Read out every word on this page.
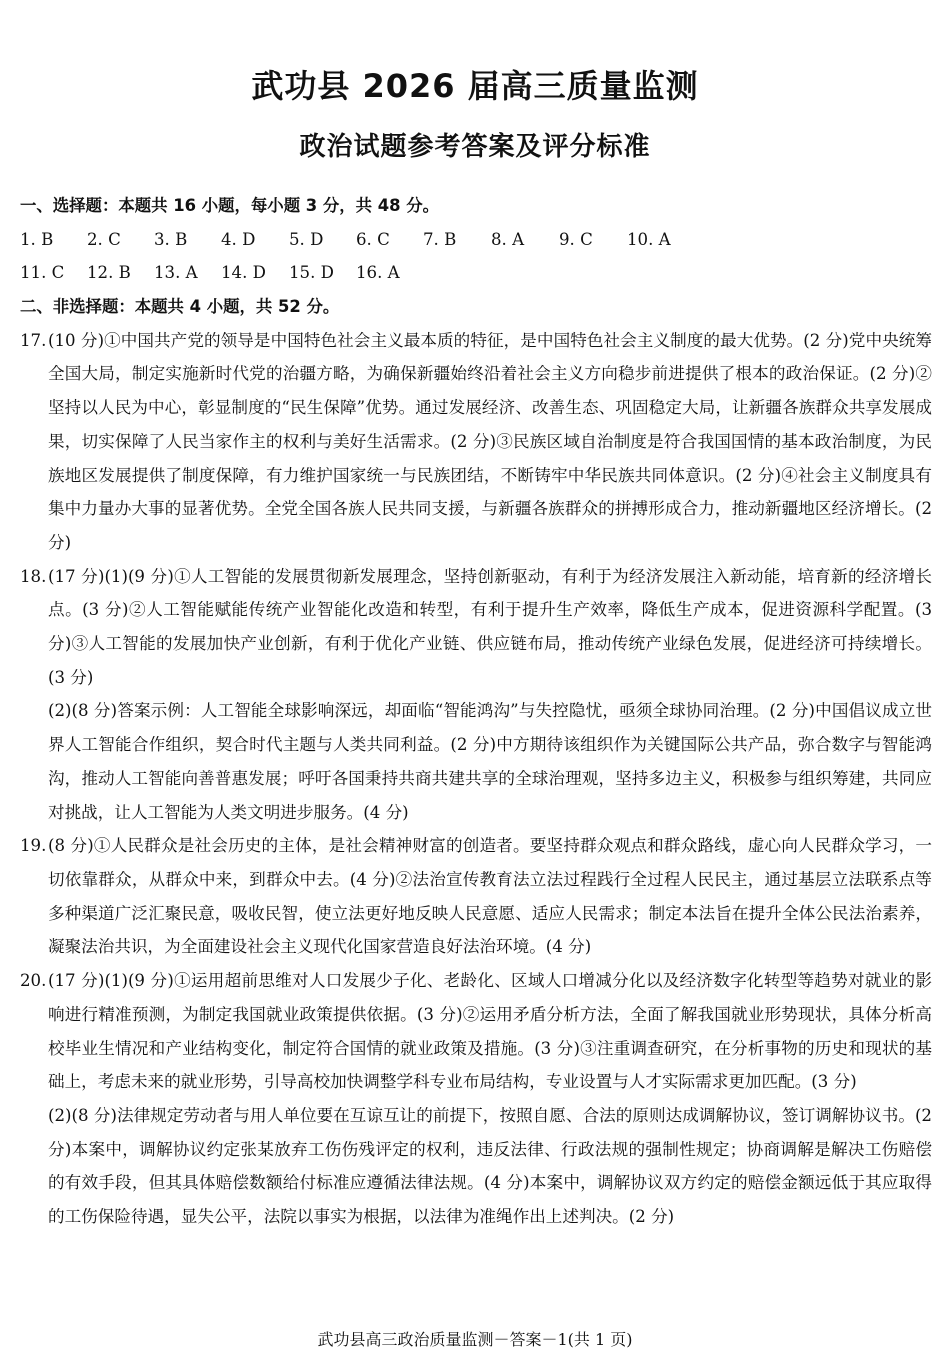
武功县 2026 届高三质量监测
政治试题参考答案及评分标准
一、选择题：本题共 16 小题，每小题 3 分，共 48 分。
1. B	2. C	3. B	4. D	5. D	6. C	7. B	8. A	9. C	10. A
11. C	12. B	13. A	14. D	15. D	16. A
二、非选择题：本题共 4 小题，共 52 分。

17.(10 分)①中国共产党的领导是中国特色社会主义最本质的特征，是中国特色社会主义制度的最大优势。(2 分)党中央统筹全国大局，制定实施新时代党的治疆方略，为确保新疆始终沿着社会主义方向稳步前进提供了根本的政治保证。(2 分)②坚持以人民为中心，彰显制度的“民生保障”优势。通过发展经济、改善生态、巩固稳定大局，让新疆各族群众共享发展成果，切实保障了人民当家作主的权利与美好生活需求。(2 分)③民族区域自治制度是符合我国国情的基本政治制度，为民族地区发展提供了制度保障，有力维护国家统一与民族团结，不断铸牢中华民族共同体意识。(2 分)④社会主义制度具有集中力量办大事的显著优势。全党全国各族人民共同支援，与新疆各族群众的拼搏形成合力，推动新疆地区经济增长。(2 分)

18.(17 分)(1)(9 分)①人工智能的发展贯彻新发展理念，坚持创新驱动，有利于为经济发展注入新动能，培育新的经济增长点。(3 分)②人工智能赋能传统产业智能化改造和转型，有利于提升生产效率，降低生产成本，促进资源科学配置。(3 分)③人工智能的发展加快产业创新，有利于优化产业链、供应链布局，推动传统产业绿色发展，促进经济可持续增长。(3 分)

(2)(8 分)答案示例：人工智能全球影响深远，却面临“智能鸿沟”与失控隐忧，亟须全球协同治理。(2 分)中国倡议成立世界人工智能合作组织，契合时代主题与人类共同利益。(2 分)中方期待该组织作为关键国际公共产品，弥合数字与智能鸿沟，推动人工智能向善普惠发展；呼吁各国秉持共商共建共享的全球治理观，坚持多边主义，积极参与组织筹建，共同应对挑战，让人工智能为人类文明进步服务。(4 分)

19.(8 分)①人民群众是社会历史的主体，是社会精神财富的创造者。要坚持群众观点和群众路线，虚心向人民群众学习，一切依靠群众，从群众中来，到群众中去。(4 分)②法治宣传教育法立法过程践行全过程人民民主，通过基层立法联系点等多种渠道广泛汇聚民意，吸收民智，使立法更好地反映人民意愿、适应人民需求；制定本法旨在提升全体公民法治素养，凝聚法治共识，为全面建设社会主义现代化国家营造良好法治环境。(4 分)

20.(17 分)(1)(9 分)①运用超前思维对人口发展少子化、老龄化、区域人口增减分化以及经济数字化转型等趋势对就业的影响进行精准预测，为制定我国就业政策提供依据。(3 分)②运用矛盾分析方法，全面了解我国就业形势现状，具体分析高校毕业生情况和产业结构变化，制定符合国情的就业政策及措施。(3 分)③注重调查研究，在分析事物的历史和现状的基础上，考虑未来的就业形势，引导高校加快调整学科专业布局结构，专业设置与人才实际需求更加匹配。(3 分)

(2)(8 分)法律规定劳动者与用人单位要在互谅互让的前提下，按照自愿、合法的原则达成调解协议，签订调解协议书。(2 分)本案中，调解协议约定张某放弃工伤伤残评定的权利，违反法律、行政法规的强制性规定；协商调解是解决工伤赔偿的有效手段，但其具体赔偿数额给付标准应遵循法律法规。(4 分)本案中，调解协议双方约定的赔偿金额远低于其应取得的工伤保险待遇，显失公平，法院以事实为根据，以法律为准绳作出上述判决。(2 分)

武功县高三政治质量监测－答案－1(共 1 页)
